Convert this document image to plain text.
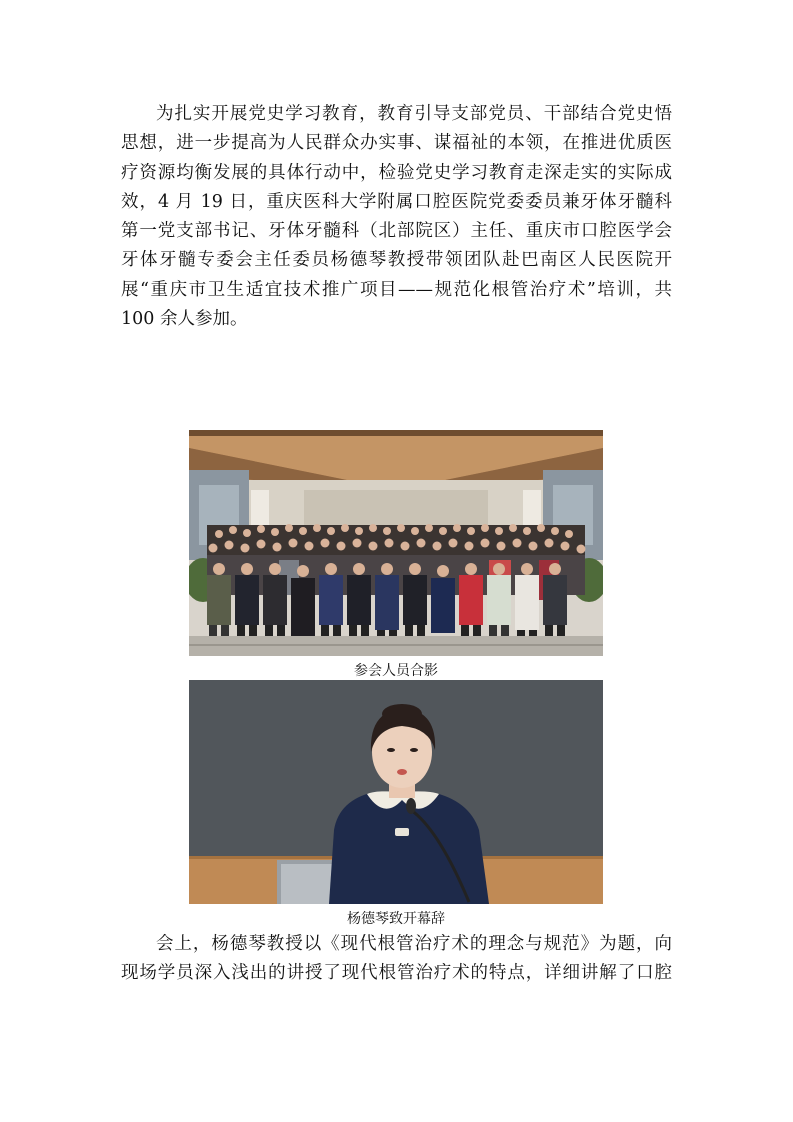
为扎实开展党史学习教育，教育引导支部党员、干部结合党史悟
思想，进一步提高为人民群众办实事、谋福祉的本领，在推进优质医
疗资源均衡发展的具体行动中，检验党史学习教育走深走实的实际成
效，4 月 19 日，重庆医科大学附属口腔医院党委委员兼牙体牙髓科
第一党支部书记、牙体牙髓科（北部院区）主任、重庆市口腔医学会
牙体牙髓专委会主任委员杨德琴教授带领团队赴巴南区人民医院开
展“重庆市卫生适宜技术推广项目——规范化根管治疗术”培训，共
100 余人参加。
参会人员合影
杨德琴致开幕辞
会上，杨德琴教授以《现代根管治疗术的理念与规范》为题，向
现场学员深入浅出的讲授了现代根管治疗术的特点，详细讲解了口腔
